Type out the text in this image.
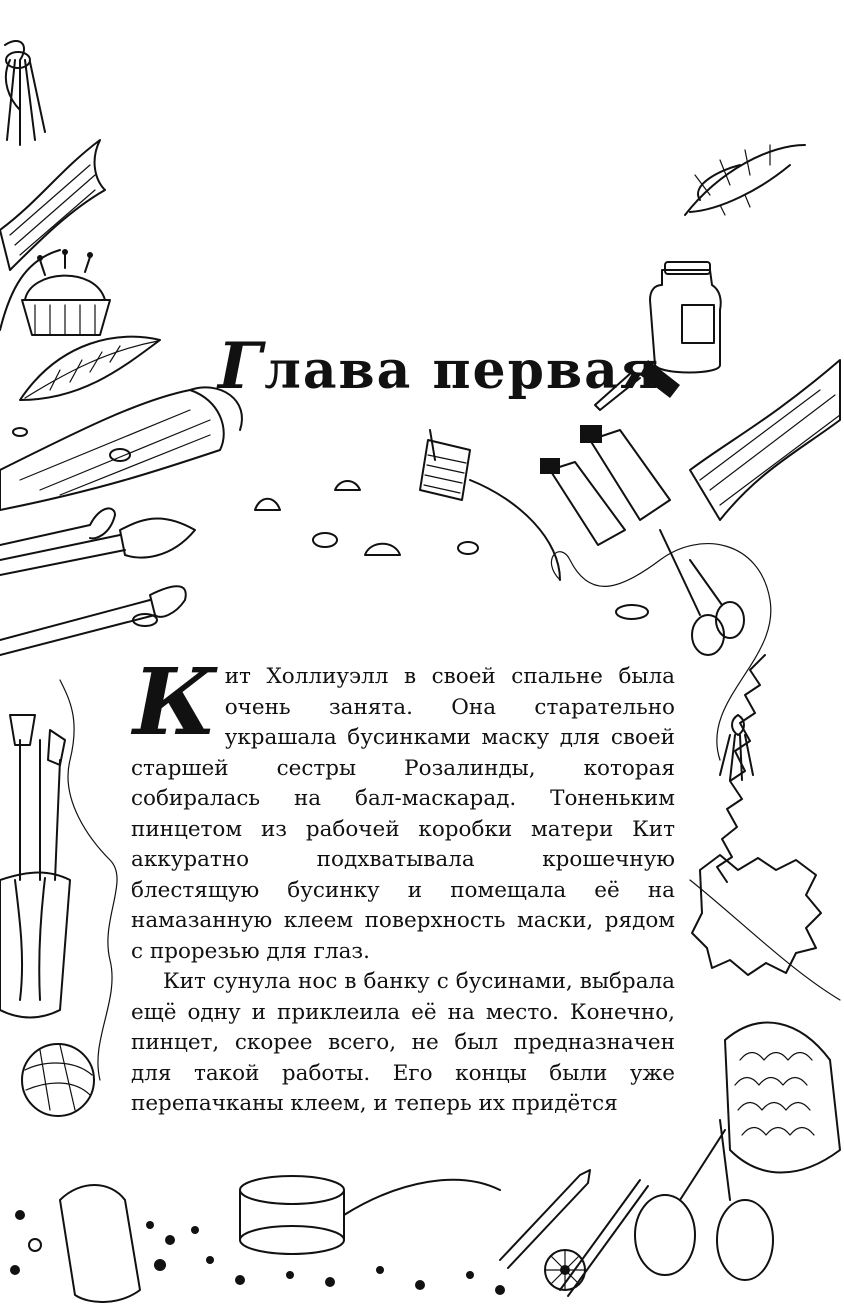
Глава первая

Кит Холлиуэлл в своей спальне была очень занята. Она старательно украшала бусинками маску для своей старшей сестры Розалинды, которая собиралась на бал-маскарад. Тоненьким пинцетом из рабочей коробки матери Кит аккуратно подхватывала крошечную блестящую бусинку и помещала её на намазанную клеем поверхность маски, рядом с прорезью для глаз.

Кит сунула нос в банку с бусинами, выбрала ещё одну и приклеила её на место. Конечно, пинцет, скорее всего, не был предназначен для такой работы. Его концы были уже перепачканы клеем, и теперь их придётся
